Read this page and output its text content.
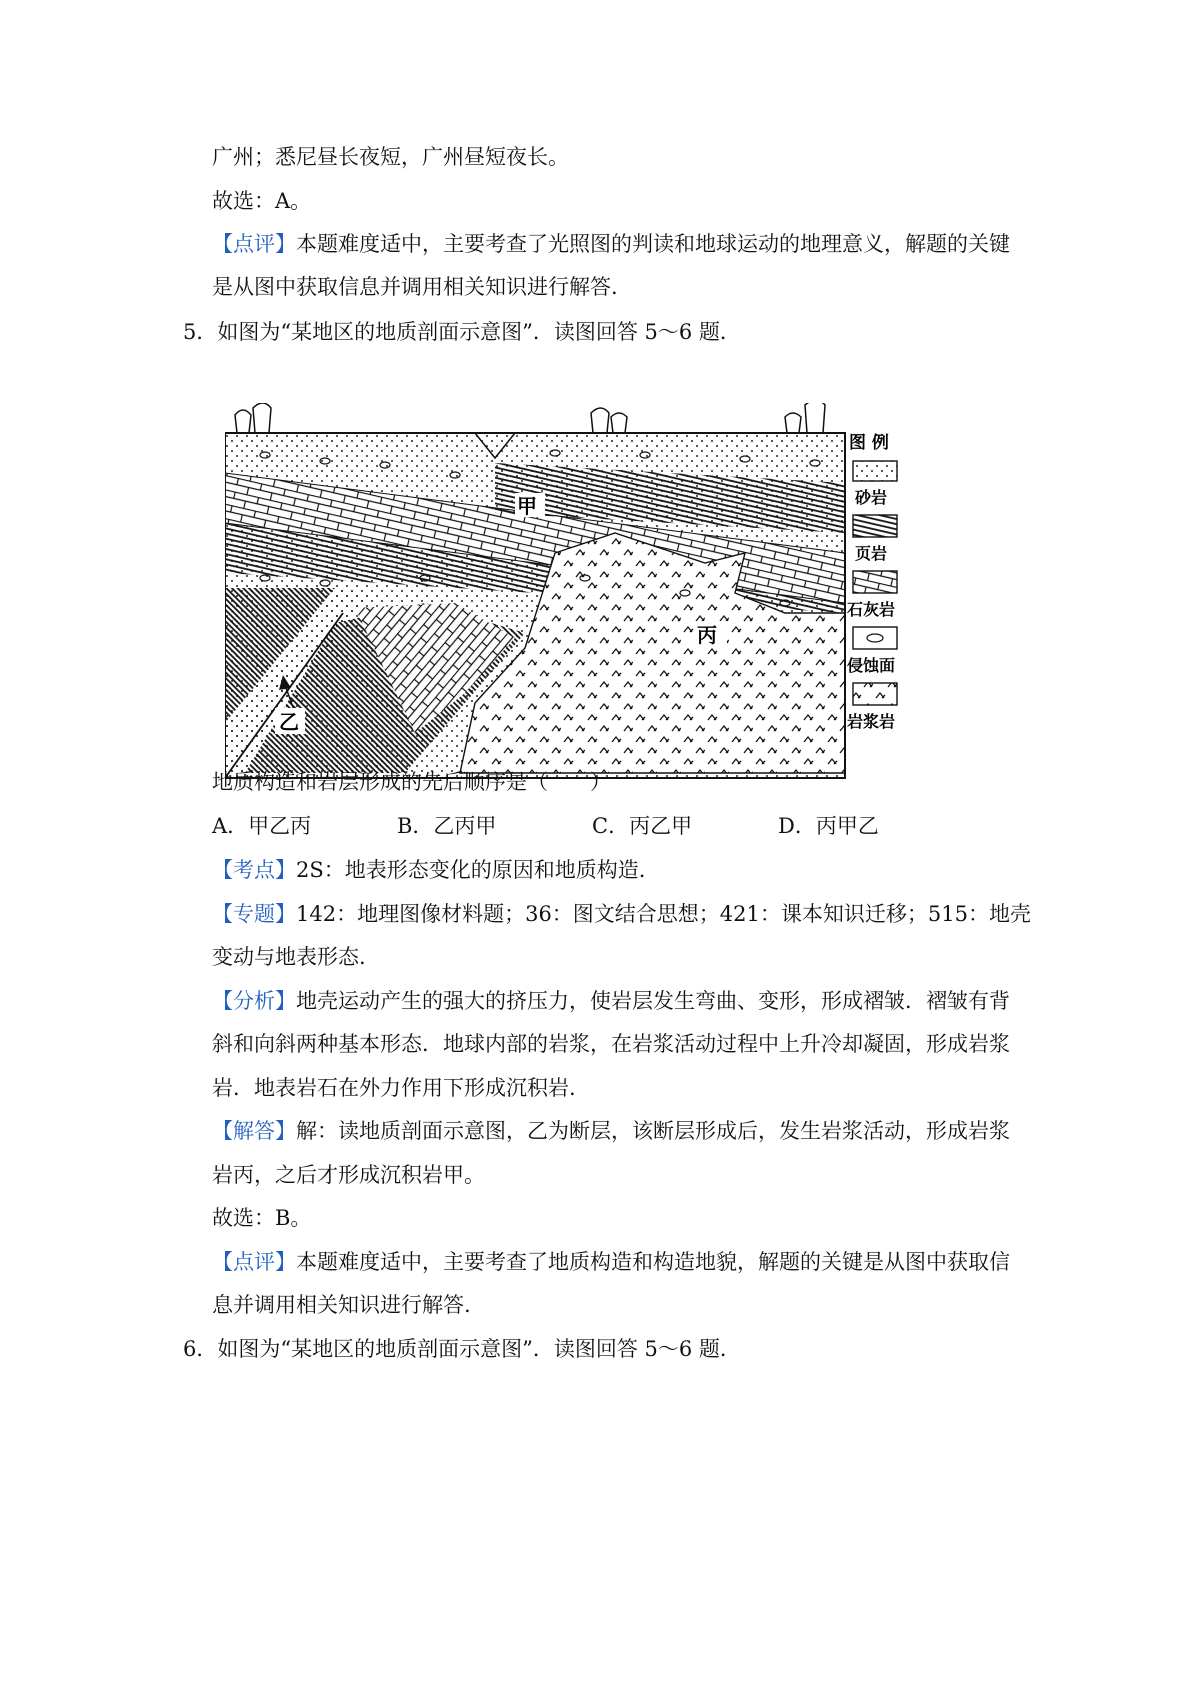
广州；悉尼昼长夜短，广州昼短夜长。
故选：A。
【点评】本题难度适中，主要考查了光照图的判读和地球运动的地理意义，解题的关键
是从图中获取信息并调用相关知识进行解答.
5．如图为“某地区的地质剖面示意图”．读图回答 5～6 题．
甲
乙
丙
图 例
砂岩
页岩
石灰岩
侵蚀面
岩浆岩
地质构造和岩层形成的先后顺序是（　　）
A．甲乙丙	B．乙丙甲	C．丙乙甲	D．丙甲乙
【考点】2S：地表形态变化的原因和地质构造.
【专题】142：地理图像材料题；36：图文结合思想；421：课本知识迁移；515：地壳
变动与地表形态.
【分析】地壳运动产生的强大的挤压力，使岩层发生弯曲、变形，形成褶皱．褶皱有背
斜和向斜两种基本形态．地球内部的岩浆，在岩浆活动过程中上升冷却凝固，形成岩浆
岩．地表岩石在外力作用下形成沉积岩.
【解答】解：读地质剖面示意图，乙为断层，该断层形成后，发生岩浆活动，形成岩浆
岩丙，之后才形成沉积岩甲。
故选：B。
【点评】本题难度适中，主要考查了地质构造和构造地貌，解题的关键是从图中获取信
息并调用相关知识进行解答.
6．如图为“某地区的地质剖面示意图”．读图回答 5～6 题．
